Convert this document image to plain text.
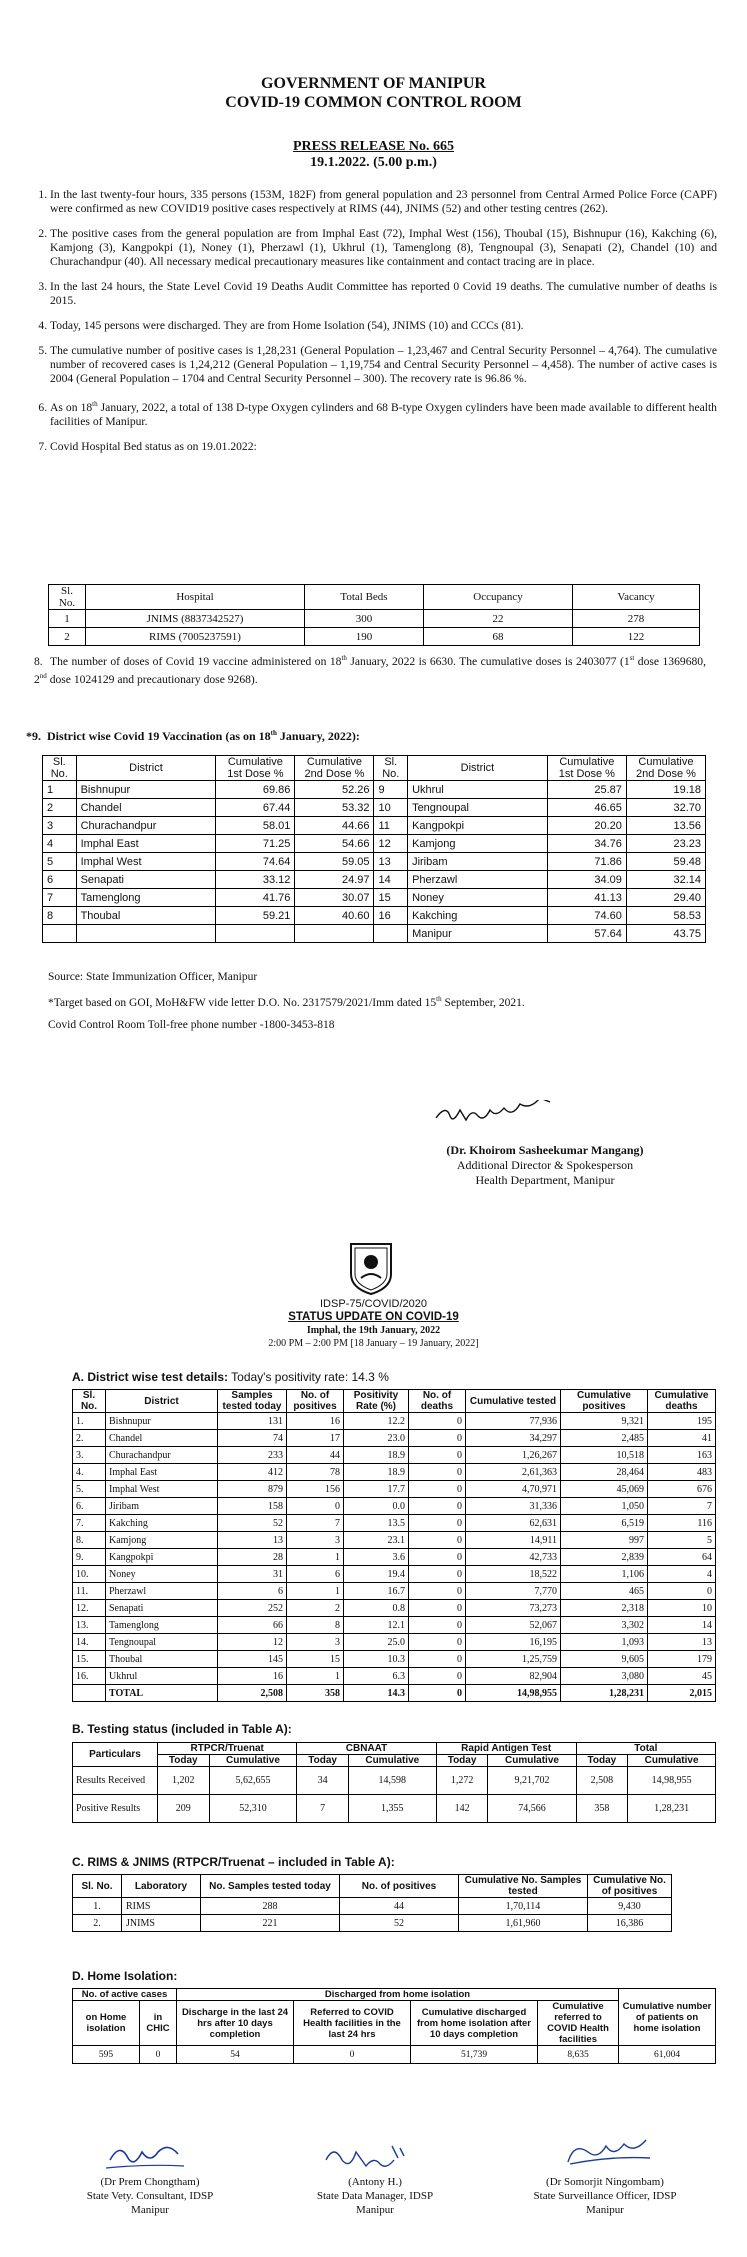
GOVERNMENT OF MANIPUR
COVID-19 COMMON CONTROL ROOM

PRESS RELEASE No. 665

19.1.2022. (5.00 p.m.)

1. In the last twenty-four hours, 335 persons (153M, 182F) from general population and 23 personnel from Central Armed Police Force (CAPF) were confirmed as new COVID19 positive cases respectively at RIMS (44), JNIMS (52) and other testing centres (262).
2. The positive cases from the general population are from Imphal East (72), Imphal West (156), Thoubal (15), Bishnupur (16), Kakching (6), Kamjong (3), Kangpokpi (1), Noney (1), Pherzawl (1), Ukhrul (1), Tamenglong (8), Tengnoupal (3), Senapati (2), Chandel (10) and Churachandpur (40). All necessary medical precautionary measures like containment and contact tracing are in place.
3. In the last 24 hours, the State Level Covid 19 Deaths Audit Committee has reported 0 Covid 19 deaths. The cumulative number of deaths is 2015.
4. Today, 145 persons were discharged. They are from Home Isolation (54), JNIMS (10) and CCCs (81).
5. The cumulative number of positive cases is 1,28,231 (General Population – 1,23,467 and Central Security Personnel – 4,764). The cumulative number of recovered cases is 1,24,212 (General Population – 1,19,754 and Central Security Personnel – 4,458). The number of active cases is 2004 (General Population – 1704 and Central Security Personnel – 300). The recovery rate is 96.86 %.
6. As on 18th January, 2022, a total of 138 D-type Oxygen cylinders and 68 B-type Oxygen cylinders have been made available to different health facilities of Manipur.
7. Covid Hospital Bed status as on 19.01.2022:
Sl. No.	Hospital	Total Beds	Occupancy	Vacancy
1	JNIMS (8837342527)	300	22	278
2	RIMS (7005237591)	190	68	122
8. The number of doses of Covid 19 vaccine administered on 18th January, 2022 is 6630. The cumulative doses is 2403077 (1st dose 1369680, 2nd dose 1024129 and precautionary dose 9268).
*9. District wise Covid 19 Vaccination (as on 18th January, 2022):
Sl. No.	District	Cumulative 1st Dose %	Cumulative 2nd Dose %	Sl. No.	District	Cumulative 1st Dose %	Cumulative 2nd Dose %
1	Bishnupur	69.86	52.26	9	Ukhrul	25.87	19.18
2	Chandel	67.44	53.32	10	Tengnoupal	46.65	32.70
3	Churachandpur	58.01	44.66	11	Kangpokpi	20.20	13.56
4	Imphal East	71.25	54.66	12	Kamjong	34.76	23.23
5	Imphal West	74.64	59.05	13	Jiribam	71.86	59.48
6	Senapati	33.12	24.97	14	Pherzawl	34.09	32.14
7	Tamenglong	41.76	30.07	15	Noney	41.13	29.40
8	Thoubal	59.21	40.60	16	Kakching	74.60	58.53
					Manipur	57.64	43.75
Source: State Immunization Officer, Manipur
*Target based on GOI, MoH&FW vide letter D.O. No. 2317579/2021/Imm dated 15th September, 2021.
Covid Control Room Toll-free phone number -1800-3453-818
(Dr. Khoirom Sasheekumar Mangang)
Additional Director & Spokesperson
Health Department, Manipur
IDSP-75/COVID/2020
STATUS UPDATE ON COVID-19
Imphal, the 19th January, 2022
2:00 PM – 2:00 PM [18 January – 19 January, 2022]
A. District wise test details: Today's positivity rate: 14.3 %
Sl. No.	District	Samples tested today	No. of positives	Positivity Rate (%)	No. of deaths	Cumulative tested	Cumulative positives	Cumulative deaths
1.	Bishnupur	131	16	12.2	0	77,936	9,321	195
2.	Chandel	74	17	23.0	0	34,297	2,485	41
3.	Churachandpur	233	44	18.9	0	1,26,267	10,518	163
4.	Imphal East	412	78	18.9	0	2,61,363	28,464	483
5.	Imphal West	879	156	17.7	0	4,70,971	45,069	676
6.	Jiribam	158	0	0.0	0	31,336	1,050	7
7.	Kakching	52	7	13.5	0	62,631	6,519	116
8.	Kamjong	13	3	23.1	0	14,911	997	5
9.	Kangpokpi	28	1	3.6	0	42,733	2,839	64
10.	Noney	31	6	19.4	0	18,522	1,106	4
11.	Pherzawl	6	1	16.7	0	7,770	465	0
12.	Senapati	252	2	0.8	0	73,273	2,318	10
13.	Tamenglong	66	8	12.1	0	52,067	3,302	14
14.	Tengnoupal	12	3	25.0	0	16,195	1,093	13
15.	Thoubal	145	15	10.3	0	1,25,759	9,605	179
16.	Ukhrul	16	1	6.3	0	82,904	3,080	45
	TOTAL	2,508	358	14.3	0	14,98,955	1,28,231	2,015
B. Testing status (included in Table A):
Particulars	RTPCR/Truenat		CBNAAT		Rapid Antigen Test		Total	
	Today	Cumulative	Today	Cumulative	Today	Cumulative	Today	Cumulative
Results Received	1,202	5,62,655	34	14,598	1,272	9,21,702	2,508	14,98,955
Positive Results	209	52,310	7	1,355	142	74,566	358	1,28,231
C. RIMS & JNIMS (RTPCR/Truenat – included in Table A):
Sl. No.	Laboratory	No. Samples tested today	No. of positives	Cumulative No. Samples tested	Cumulative No. of positives
1.	RIMS	288	44	1,70,114	9,430
2.	JNIMS	221	52	1,61,960	16,386
D. Home Isolation:
No. of active cases		Discharged from home isolation				Cumulative number of patients on home isolation
on Home isolation	in CHIC	Discharge in the last 24 hrs after 10 days completion	Referred to COVID Health facilities in the last 24 hrs	Cumulative discharged from home isolation after 10 days completion	Cumulative referred to COVID Health facilities	
595	0	54	0	51,739	8,635	61,004
(Dr Prem Chongtham)
State Vety. Consultant, IDSP
Manipur
(Antony H.)
State Data Manager, IDSP
Manipur
(Dr Somorjit Ningombam)
State Surveillance Officer, IDSP
Manipur
